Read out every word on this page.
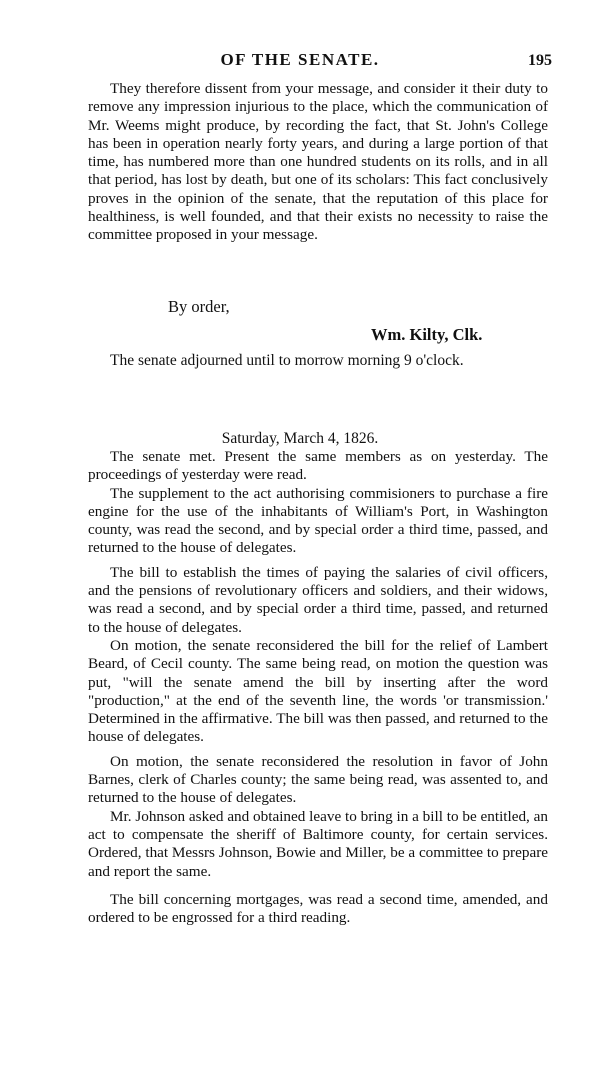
OF THE SENATE.	195

They therefore dissent from your message, and consider it their duty to remove any impression injurious to the place, which the communication of Mr. Weems might produce, by recording the fact, that St. John's College has been in operation nearly forty years, and during a large portion of that time, has numbered more than one hundred students on its rolls, and in all that period, has lost by death, but one of its scholars: This fact conclusively proves in the opinion of the senate, that the reputation of this place for healthiness, is well founded, and that their exists no necessity to raise the committee proposed in your message.

By order,
Wm. Kilty, Clk.

The senate adjourned until to morrow morning 9 o'clock.

Saturday, March 4, 1826.

The senate met. Present the same members as on yesterday. The proceedings of yesterday were read.

The supplement to the act authorising commisioners to purchase a fire engine for the use of the inhabitants of William's Port, in Washington county, was read the second, and by special order a third time, passed, and returned to the house of delegates.

The bill to establish the times of paying the salaries of civil officers, and the pensions of revolutionary officers and soldiers, and their widows, was read a second, and by special order a third time, passed, and returned to the house of delegates.

On motion, the senate reconsidered the bill for the relief of Lambert Beard, of Cecil county. The same being read, on motion the question was put, "will the senate amend the bill by inserting after the word "production," at the end of the seventh line, the words 'or transmission.' Determined in the affirmative. The bill was then passed, and returned to the house of delegates.

On motion, the senate reconsidered the resolution in favor of John Barnes, clerk of Charles county; the same being read, was assented to, and returned to the house of delegates.

Mr. Johnson asked and obtained leave to bring in a bill to be entitled, an act to compensate the sheriff of Baltimore county, for certain services. Ordered, that Messrs Johnson, Bowie and Miller, be a committee to prepare and report the same.

The bill concerning mortgages, was read a second time, amended, and ordered to be engrossed for a third reading.
